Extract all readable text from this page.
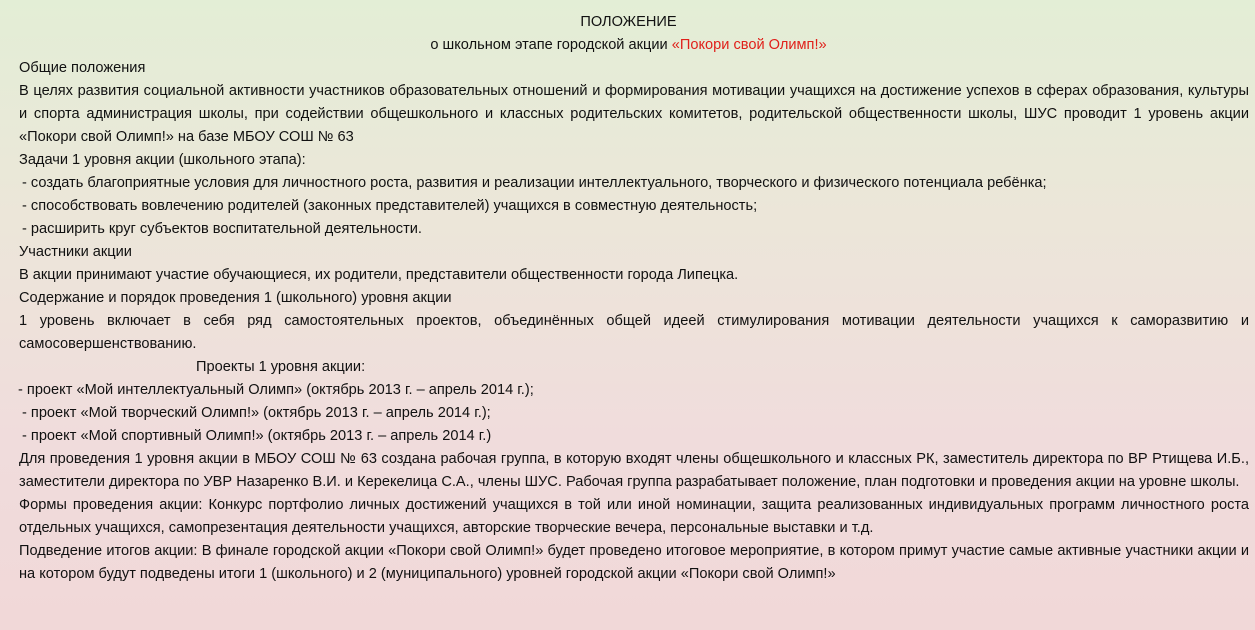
ПОЛОЖЕНИЕ
о школьном этапе городской акции «Покори свой Олимп!»
Общие положения
В целях развития социальной активности участников образовательных отношений и формирования мотивации учащихся на достижение успехов в сферах образования, культуры и спорта администрация школы, при содействии общешкольного и классных родительских комитетов, родительской общественности школы, ШУС проводит 1 уровень акции «Покори свой Олимп!» на базе МБОУ СОШ № 63
Задачи 1 уровня акции (школьного этапа):
- создать благоприятные условия для личностного роста, развития и реализации интеллектуального, творческого и физического потенциала ребёнка;
- способствовать вовлечению родителей (законных представителей) учащихся в совместную деятельность;
- расширить круг субъектов воспитательной деятельности.
Участники акции
В акции принимают участие обучающиеся, их родители, представители общественности города Липецка.
Содержание и порядок проведения 1 (школьного) уровня акции
1 уровень включает в себя ряд самостоятельных проектов, объединённых общей идеей стимулирования мотивации деятельности учащихся к саморазвитию и самосовершенствованию.
Проекты 1 уровня акции:
- проект «Мой интеллектуальный Олимп» (октябрь 2013 г. – апрель 2014 г.);
- проект «Мой творческий Олимп!» (октябрь 2013 г. – апрель 2014 г.);
- проект «Мой спортивный Олимп!» (октябрь 2013 г. – апрель 2014 г.)
Для проведения 1 уровня акции в МБОУ СОШ № 63 создана рабочая группа, в которую входят члены общешкольного и классных РК, заместитель директора по ВР Ртищева И.Б., заместители директора по УВР Назаренко В.И. и Керекелица С.А., члены ШУС. Рабочая группа разрабатывает положение, план подготовки и проведения акции на уровне школы.
Формы проведения акции: Конкурс портфолио личных достижений учащихся в той или иной номинации, защита реализованных индивидуальных программ личностного роста отдельных учащихся, самопрезентация деятельности учащихся, авторские творческие вечера, персональные выставки и т.д.
Подведение итогов акции: В финале городской акции «Покори свой Олимп!» будет проведено итоговое мероприятие, в котором примут участие самые активные участники акции и на котором будут подведены итоги 1 (школьного) и 2 (муниципального) уровней городской акции «Покори свой Олимп!»
